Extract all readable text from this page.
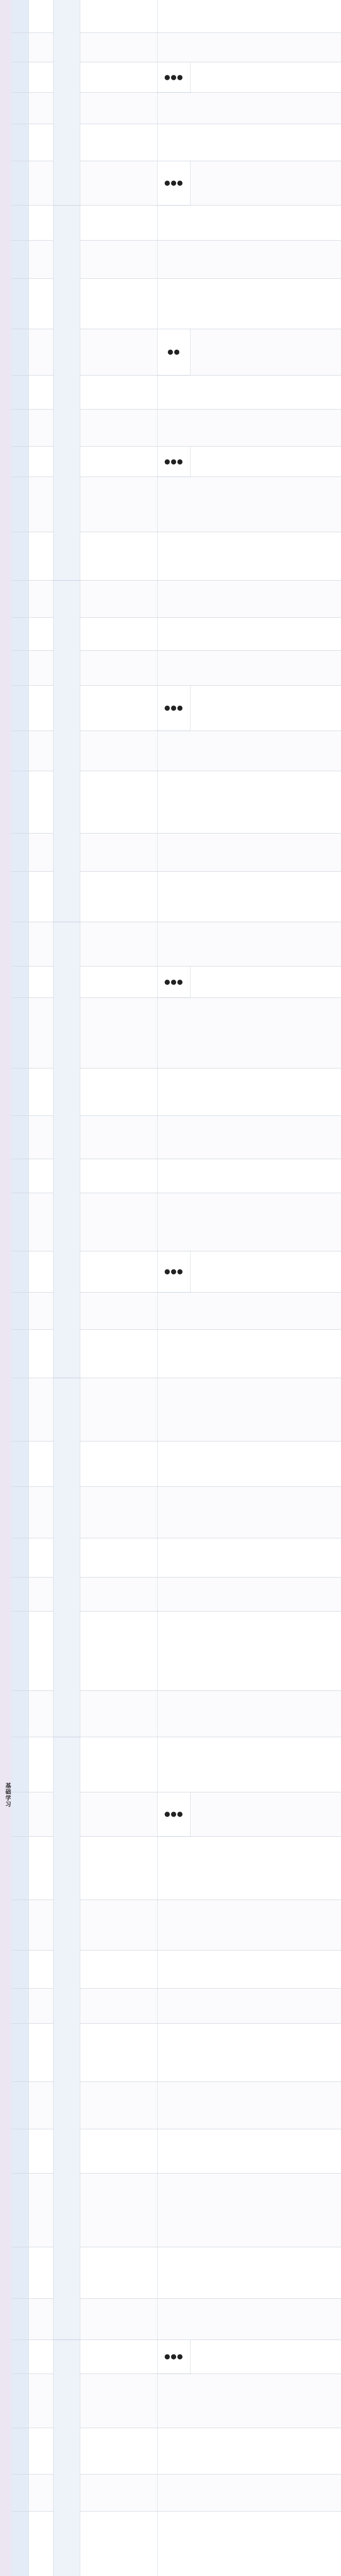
基础学习
●●●
●●●
●●
●●●
●●●
●●●
●●●
●●●
●●●
